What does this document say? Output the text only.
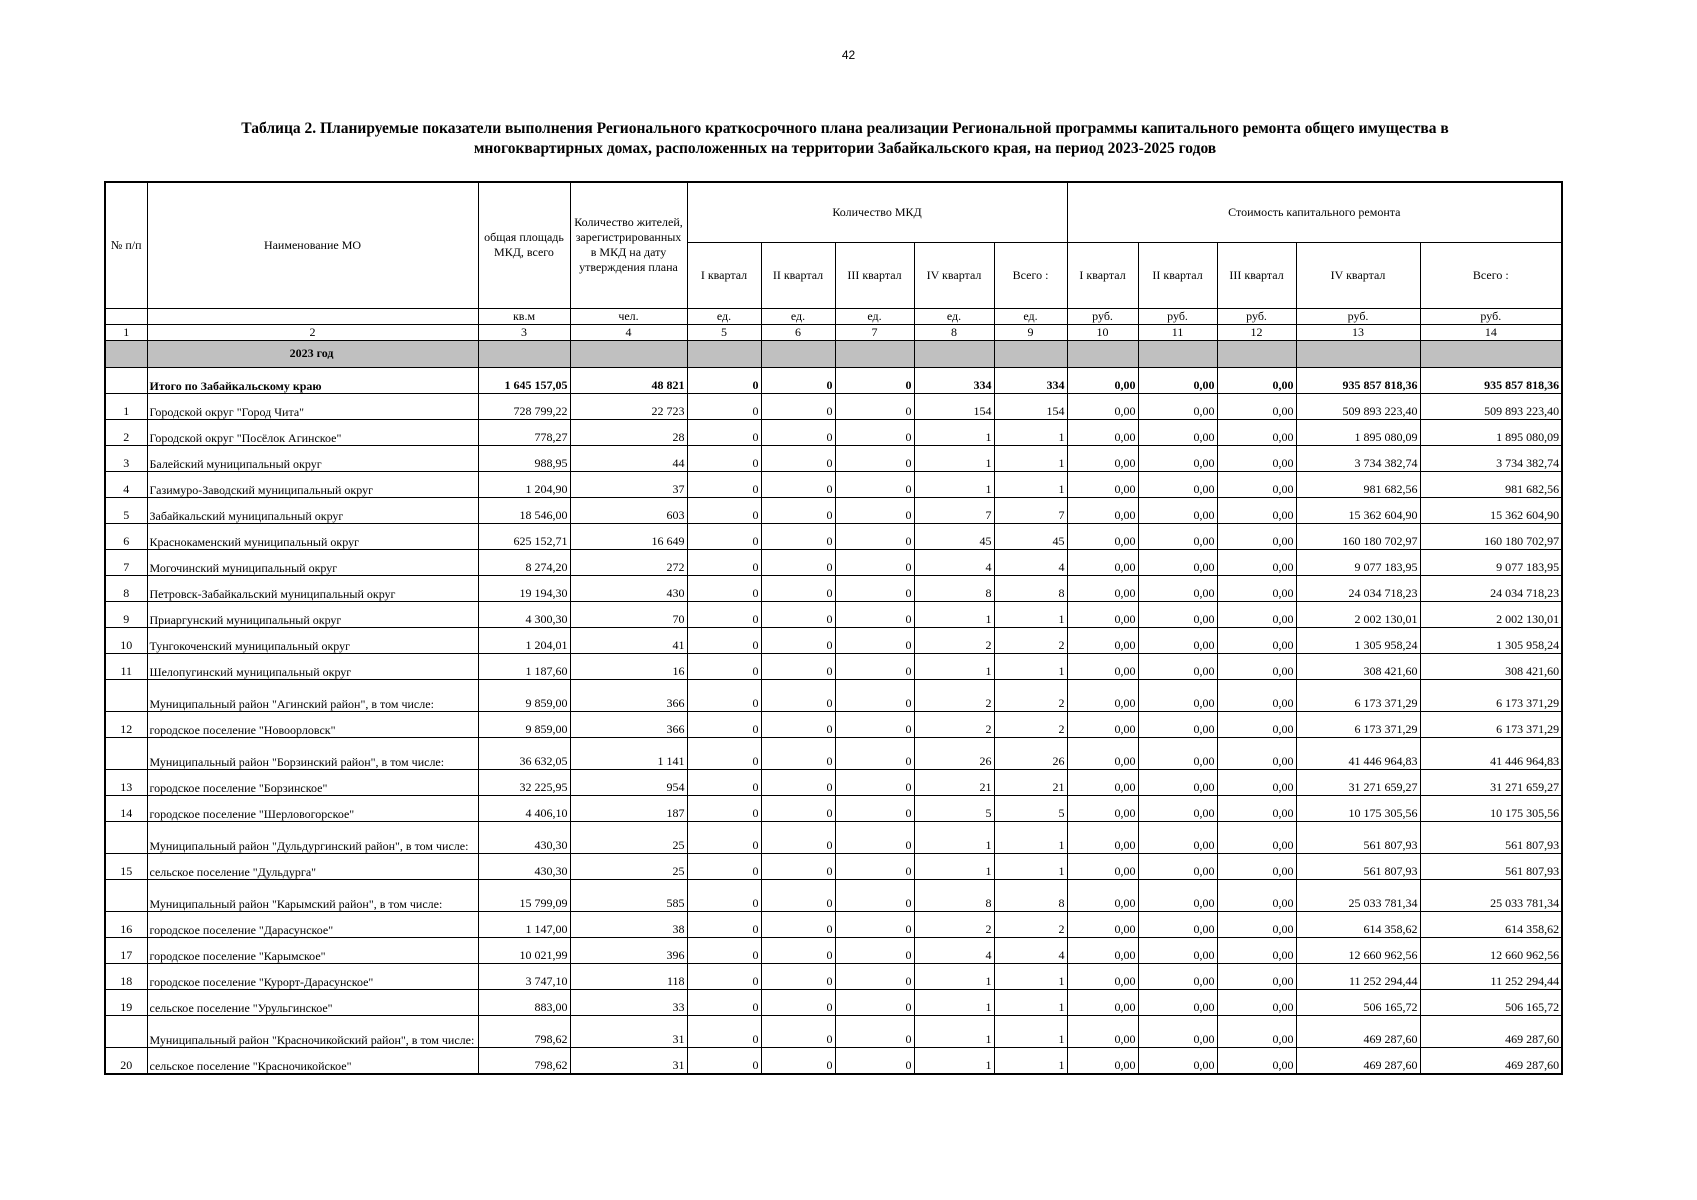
42
Таблица 2. Планируемые показатели выполнения Регионального краткосрочного плана реализации Региональной программы капитального ремонта общего имущества в
многоквартирных домах, расположенных на территории Забайкальского края, на период 2023-2025 годов
№ п/п	Наименование МО	общая площадь МКД, всего	Количество жителей, зарегистрированных в МКД на дату утверждения плана	Количество МКД					Стоимость капитального ремонта				
				I квартал	II квартал	III квартал	IV квартал	Всего :	I квартал	II квартал	III квартал	IV квартал	Всего :
		кв.м	чел.	ед.	ед.	ед.	ед.	ед.	руб.	руб.	руб.	руб.	руб.
1	2	3	4	5	6	7	8	9	10	11	12	13	14
	2023 год												
	Итого по Забайкальскому краю	1 645 157,05	48 821	0	0	0	334	334	0,00	0,00	0,00	935 857 818,36	935 857 818,36
1	Городской округ "Город Чита"	728 799,22	22 723	0	0	0	154	154	0,00	0,00	0,00	509 893 223,40	509 893 223,40
2	Городской округ "Посёлок Агинское"	778,27	28	0	0	0	1	1	0,00	0,00	0,00	1 895 080,09	1 895 080,09
3	Балейский муниципальный округ	988,95	44	0	0	0	1	1	0,00	0,00	0,00	3 734 382,74	3 734 382,74
4	Газимуро-Заводский муниципальный округ	1 204,90	37	0	0	0	1	1	0,00	0,00	0,00	981 682,56	981 682,56
5	Забайкальский муниципальный округ	18 546,00	603	0	0	0	7	7	0,00	0,00	0,00	15 362 604,90	15 362 604,90
6	Краснокаменский муниципальный округ	625 152,71	16 649	0	0	0	45	45	0,00	0,00	0,00	160 180 702,97	160 180 702,97
7	Могочинский муниципальный округ	8 274,20	272	0	0	0	4	4	0,00	0,00	0,00	9 077 183,95	9 077 183,95
8	Петровск-Забайкальский муниципальный округ	19 194,30	430	0	0	0	8	8	0,00	0,00	0,00	24 034 718,23	24 034 718,23
9	Приаргунский муниципальный округ	4 300,30	70	0	0	0	1	1	0,00	0,00	0,00	2 002 130,01	2 002 130,01
10	Тунгокоченский муниципальный округ	1 204,01	41	0	0	0	2	2	0,00	0,00	0,00	1 305 958,24	1 305 958,24
11	Шелопугинский муниципальный округ	1 187,60	16	0	0	0	1	1	0,00	0,00	0,00	308 421,60	308 421,60
	Муниципальный район "Агинский район", в том числе:	9 859,00	366	0	0	0	2	2	0,00	0,00	0,00	6 173 371,29	6 173 371,29
12	городское поселение "Новоорловск"	9 859,00	366	0	0	0	2	2	0,00	0,00	0,00	6 173 371,29	6 173 371,29
	Муниципальный район "Борзинский район", в том числе:	36 632,05	1 141	0	0	0	26	26	0,00	0,00	0,00	41 446 964,83	41 446 964,83
13	городское поселение "Борзинское"	32 225,95	954	0	0	0	21	21	0,00	0,00	0,00	31 271 659,27	31 271 659,27
14	городское поселение "Шерловогорское"	4 406,10	187	0	0	0	5	5	0,00	0,00	0,00	10 175 305,56	10 175 305,56
	Муниципальный район "Дульдургинский район", в том числе:	430,30	25	0	0	0	1	1	0,00	0,00	0,00	561 807,93	561 807,93
15	сельское поселение "Дульдурга"	430,30	25	0	0	0	1	1	0,00	0,00	0,00	561 807,93	561 807,93
	Муниципальный район "Карымский район", в том числе:	15 799,09	585	0	0	0	8	8	0,00	0,00	0,00	25 033 781,34	25 033 781,34
16	городское поселение "Дарасунское"	1 147,00	38	0	0	0	2	2	0,00	0,00	0,00	614 358,62	614 358,62
17	городское поселение "Карымское"	10 021,99	396	0	0	0	4	4	0,00	0,00	0,00	12 660 962,56	12 660 962,56
18	городское поселение "Курорт-Дарасунское"	3 747,10	118	0	0	0	1	1	0,00	0,00	0,00	11 252 294,44	11 252 294,44
19	сельское поселение "Урульгинское"	883,00	33	0	0	0	1	1	0,00	0,00	0,00	506 165,72	506 165,72
	Муниципальный район "Красночикойский район", в том числе:	798,62	31	0	0	0	1	1	0,00	0,00	0,00	469 287,60	469 287,60
20	сельское поселение "Красночикойское"	798,62	31	0	0	0	1	1	0,00	0,00	0,00	469 287,60	469 287,60
